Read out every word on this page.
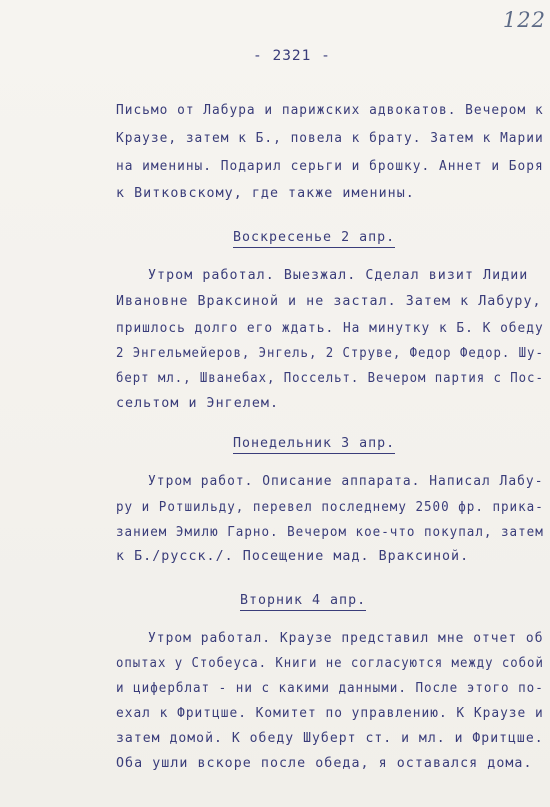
122
- 2321 -
Письмо от Лабура и парижских адвокатов. Вечером к
Краузе, затем к Б., повела к брату. Затем к Марии
на именины. Подарил серьги и брошку. Аннет и Боря
к Витковскому, где также именины.
Воскресенье 2 апр.
Утром работал. Выезжал. Сделал визит Лидии
Ивановне Враксиной и не застал. Затем к Лабуру,
пришлось долго его ждать. На минутку к Б. К обеду
2 Энгельмейеров, Энгель, 2 Струве, Федор Федор. Шу-
берт мл., Шванебах, Поссельт. Вечером партия с Пос-
сельтом и Энгелем.
Понедельник 3 апр.
Утром работ. Описание аппарата. Написал Лабу-
ру и Ротшильду, перевел последнему 2500 фр. прика-
занием Эмилю Гарно. Вечером кое-что покупал, затем
к Б./русск./. Посещение мад. Враксиной.
Вторник 4 апр.
Утром работал. Краузе представил мне отчет об
опытах у Стобеуса. Книги не согласуются между собой
и циферблат - ни с какими данными. После этого по-
ехал к Фритцше. Комитет по управлению. К Краузе и
затем домой. К обеду Шуберт ст. и мл. и Фритцше.
Оба ушли вскоре после обеда, я оставался дома.
